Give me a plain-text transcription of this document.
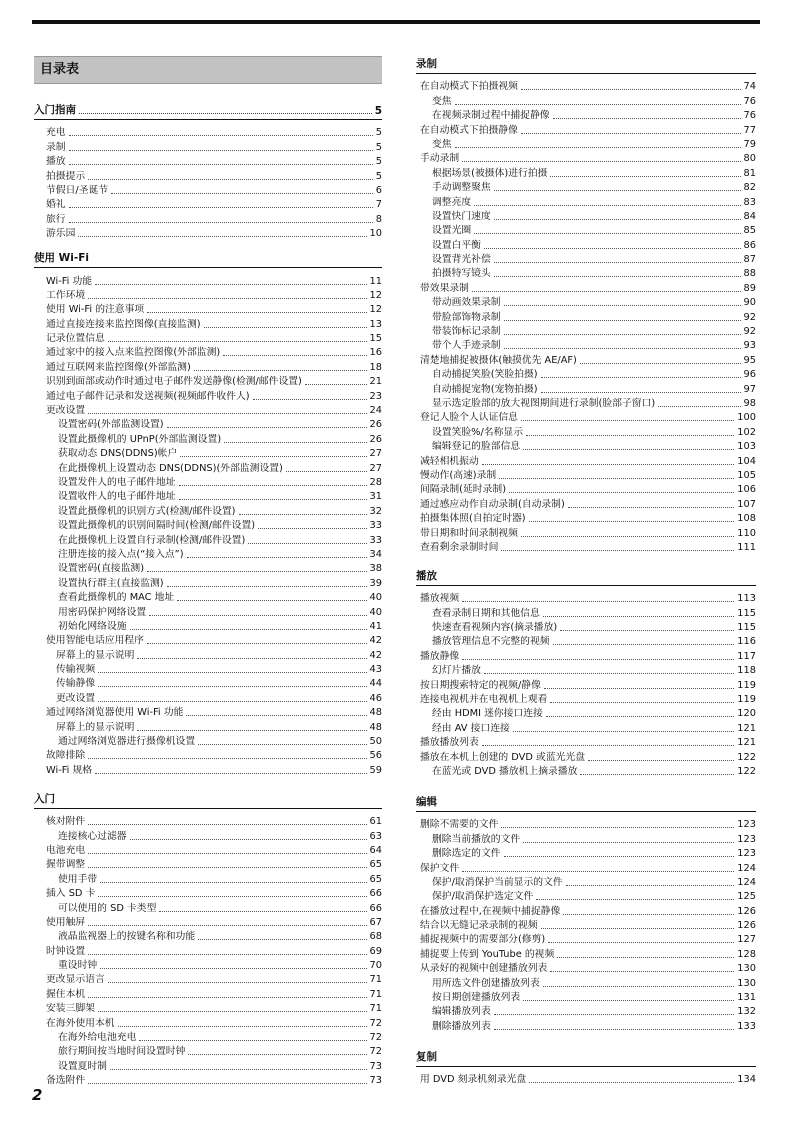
目录表
入门指南	5
充电	5
录制	5
播放	5
拍摄提示	5
节假日/圣诞节	6
婚礼	7
旅行	8
游乐园	10
使用 Wi-Fi
Wi-Fi 功能	11
工作环境	12
使用 Wi-Fi 的注意事项	12
通过直接连接来监控图像(直接监测)	13
记录位置信息	15
通过家中的接入点来监控图像(外部监测)	16
通过互联网来监控图像(外部监测)	18
识别到面部或动作时通过电子邮件发送静像(检测/邮件设置)	21
通过电子邮件记录和发送视频(视频邮件收件人)	23
更改设置	24
设置密码(外部监测设置)	26
设置此摄像机的 UPnP(外部监测设置)	26
获取动态 DNS(DDNS)帐户	27
在此摄像机上设置动态 DNS(DDNS)(外部监测设置)	27
设置发件人的电子邮件地址	28
设置收件人的电子邮件地址	31
设置此摄像机的识别方式(检测/邮件设置)	32
设置此摄像机的识别间隔时间(检测/邮件设置)	33
在此摄像机上设置自行录制(检测/邮件设置)	33
注册连接的接入点(“接入点”)	34
设置密码(直接监测)	38
设置执行群主(直接监测)	39
查看此摄像机的 MAC 地址	40
用密码保护网络设置	40
初始化网络设施	41
使用智能电话应用程序	42
屏幕上的显示说明	42
传输视频	43
传输静像	44
更改设置	46
通过网络浏览器使用 Wi-Fi 功能	48
屏幕上的显示说明	48
通过网络浏览器进行摄像机设置	50
故障排除	56
Wi-Fi 规格	59
入门
核对附件	61
连接核心过滤器	63
电池充电	64
握带调整	65
使用手带	65
插入 SD 卡	66
可以使用的 SD 卡类型	66
使用触屏	67
液晶监视器上的按键名称和功能	68
时钟设置	69
重设时钟	70
更改显示语言	71
握住本机	71
安装三脚架	71
在海外使用本机	72
在海外给电池充电	72
旅行期间按当地时间设置时钟	72
设置夏时制	73
备选附件	73
录制
在自动模式下拍摄视频	74
变焦	76
在视频录制过程中捕捉静像	76
在自动模式下拍摄静像	77
变焦	79
手动录制	80
根据场景(被摄体)进行拍摄	81
手动调整聚焦	82
调整亮度	83
设置快门速度	84
设置光圈	85
设置白平衡	86
设置背光补偿	87
拍摄特写镜头	88
带效果录制	89
带动画效果录制	90
带脸部饰物录制	92
带装饰标记录制	92
带个人手迹录制	93
清楚地捕捉被摄体(触摸优先 AE/AF)	95
自动捕捉笑脸(笑脸拍摄)	96
自动捕捉宠物(宠物拍摄)	97
显示选定脸部的放大视图期间进行录制(脸部子窗口)	98
登记人脸个人认证信息	100
设置笑脸%/名称显示	102
编辑登记的脸部信息	103
减轻相机振动	104
慢动作(高速)录制	105
间隔录制(延时录制)	106
通过感应动作自动录制(自动录制)	107
拍摄集体照(自拍定时器)	108
带日期和时间录制视频	110
查看剩余录制时间	111
播放
播放视频	113
查看录制日期和其他信息	115
快速查看视频内容(摘录播放)	115
播放管理信息不完整的视频	116
播放静像	117
幻灯片播放	118
按日期搜索特定的视频/静像	119
连接电视机并在电视机上观看	119
经由 HDMI 迷你接口连接	120
经由 AV 接口连接	121
播放播放列表	121
播放在本机上创建的 DVD 或蓝光光盘	122
在蓝光或 DVD 播放机上摘录播放	122
编辑
删除不需要的文件	123
删除当前播放的文件	123
删除选定的文件	123
保护文件	124
保护/取消保护当前显示的文件	124
保护/取消保护选定文件	125
在播放过程中,在视频中捕捉静像	126
结合以无缝记录录制的视频	126
捕捉视频中的需要部分(修剪)	127
捕捉要上传到 YouTube 的视频	128
从录好的视频中创建播放列表	130
用所选文件创建播放列表	130
按日期创建播放列表	131
编辑播放列表	132
删除播放列表	133
复制
用 DVD 刻录机刻录光盘	134
2
